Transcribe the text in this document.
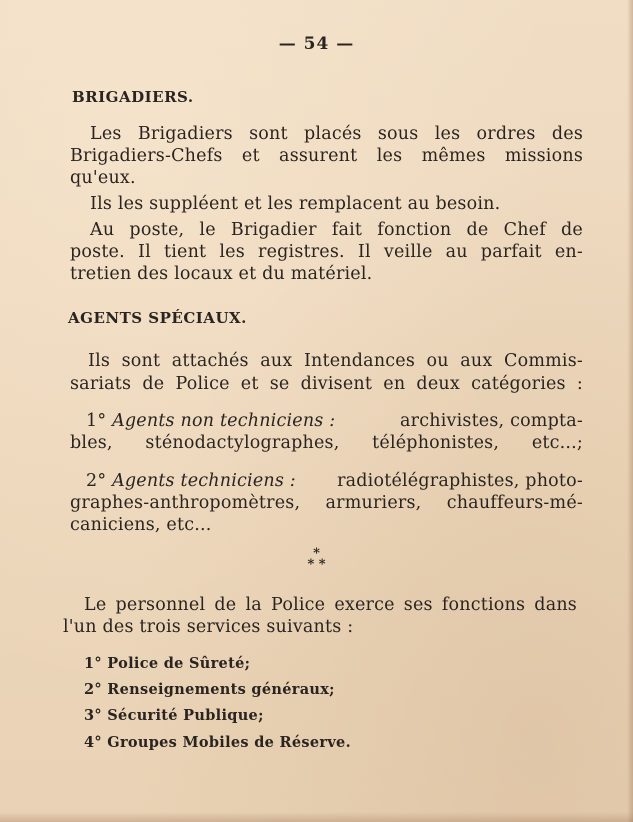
— 54 —
BRIGADIERS.
Les Brigadiers sont placés sous les ordres des
Brigadiers-Chefs et assurent les mêmes missions
qu'eux.
Ils les suppléent et les remplacent au besoin.
Au poste, le Brigadier fait fonction de Chef de
poste. Il tient les registres. Il veille au parfait en-
tretien des locaux et du matériel.
AGENTS SPÉCIAUX.
Ils sont attachés aux Intendances ou aux Commis-
sariats de Police et se divisent en deux catégories :
1° Agents non techniciens :	archivistes, compta-
bles, sténodactylographes, téléphonistes, etc...;
2° Agents techniciens : radiotélégraphistes, photo-
graphes-anthropomètres, armuriers, chauffeurs-mé-
caniciens, etc...
*
* *
Le personnel de la Police exerce ses fonctions dans
l'un des trois services suivants :
1° Police de Sûreté;
2° Renseignements généraux;
3° Sécurité Publique;
4° Groupes Mobiles de Réserve.
